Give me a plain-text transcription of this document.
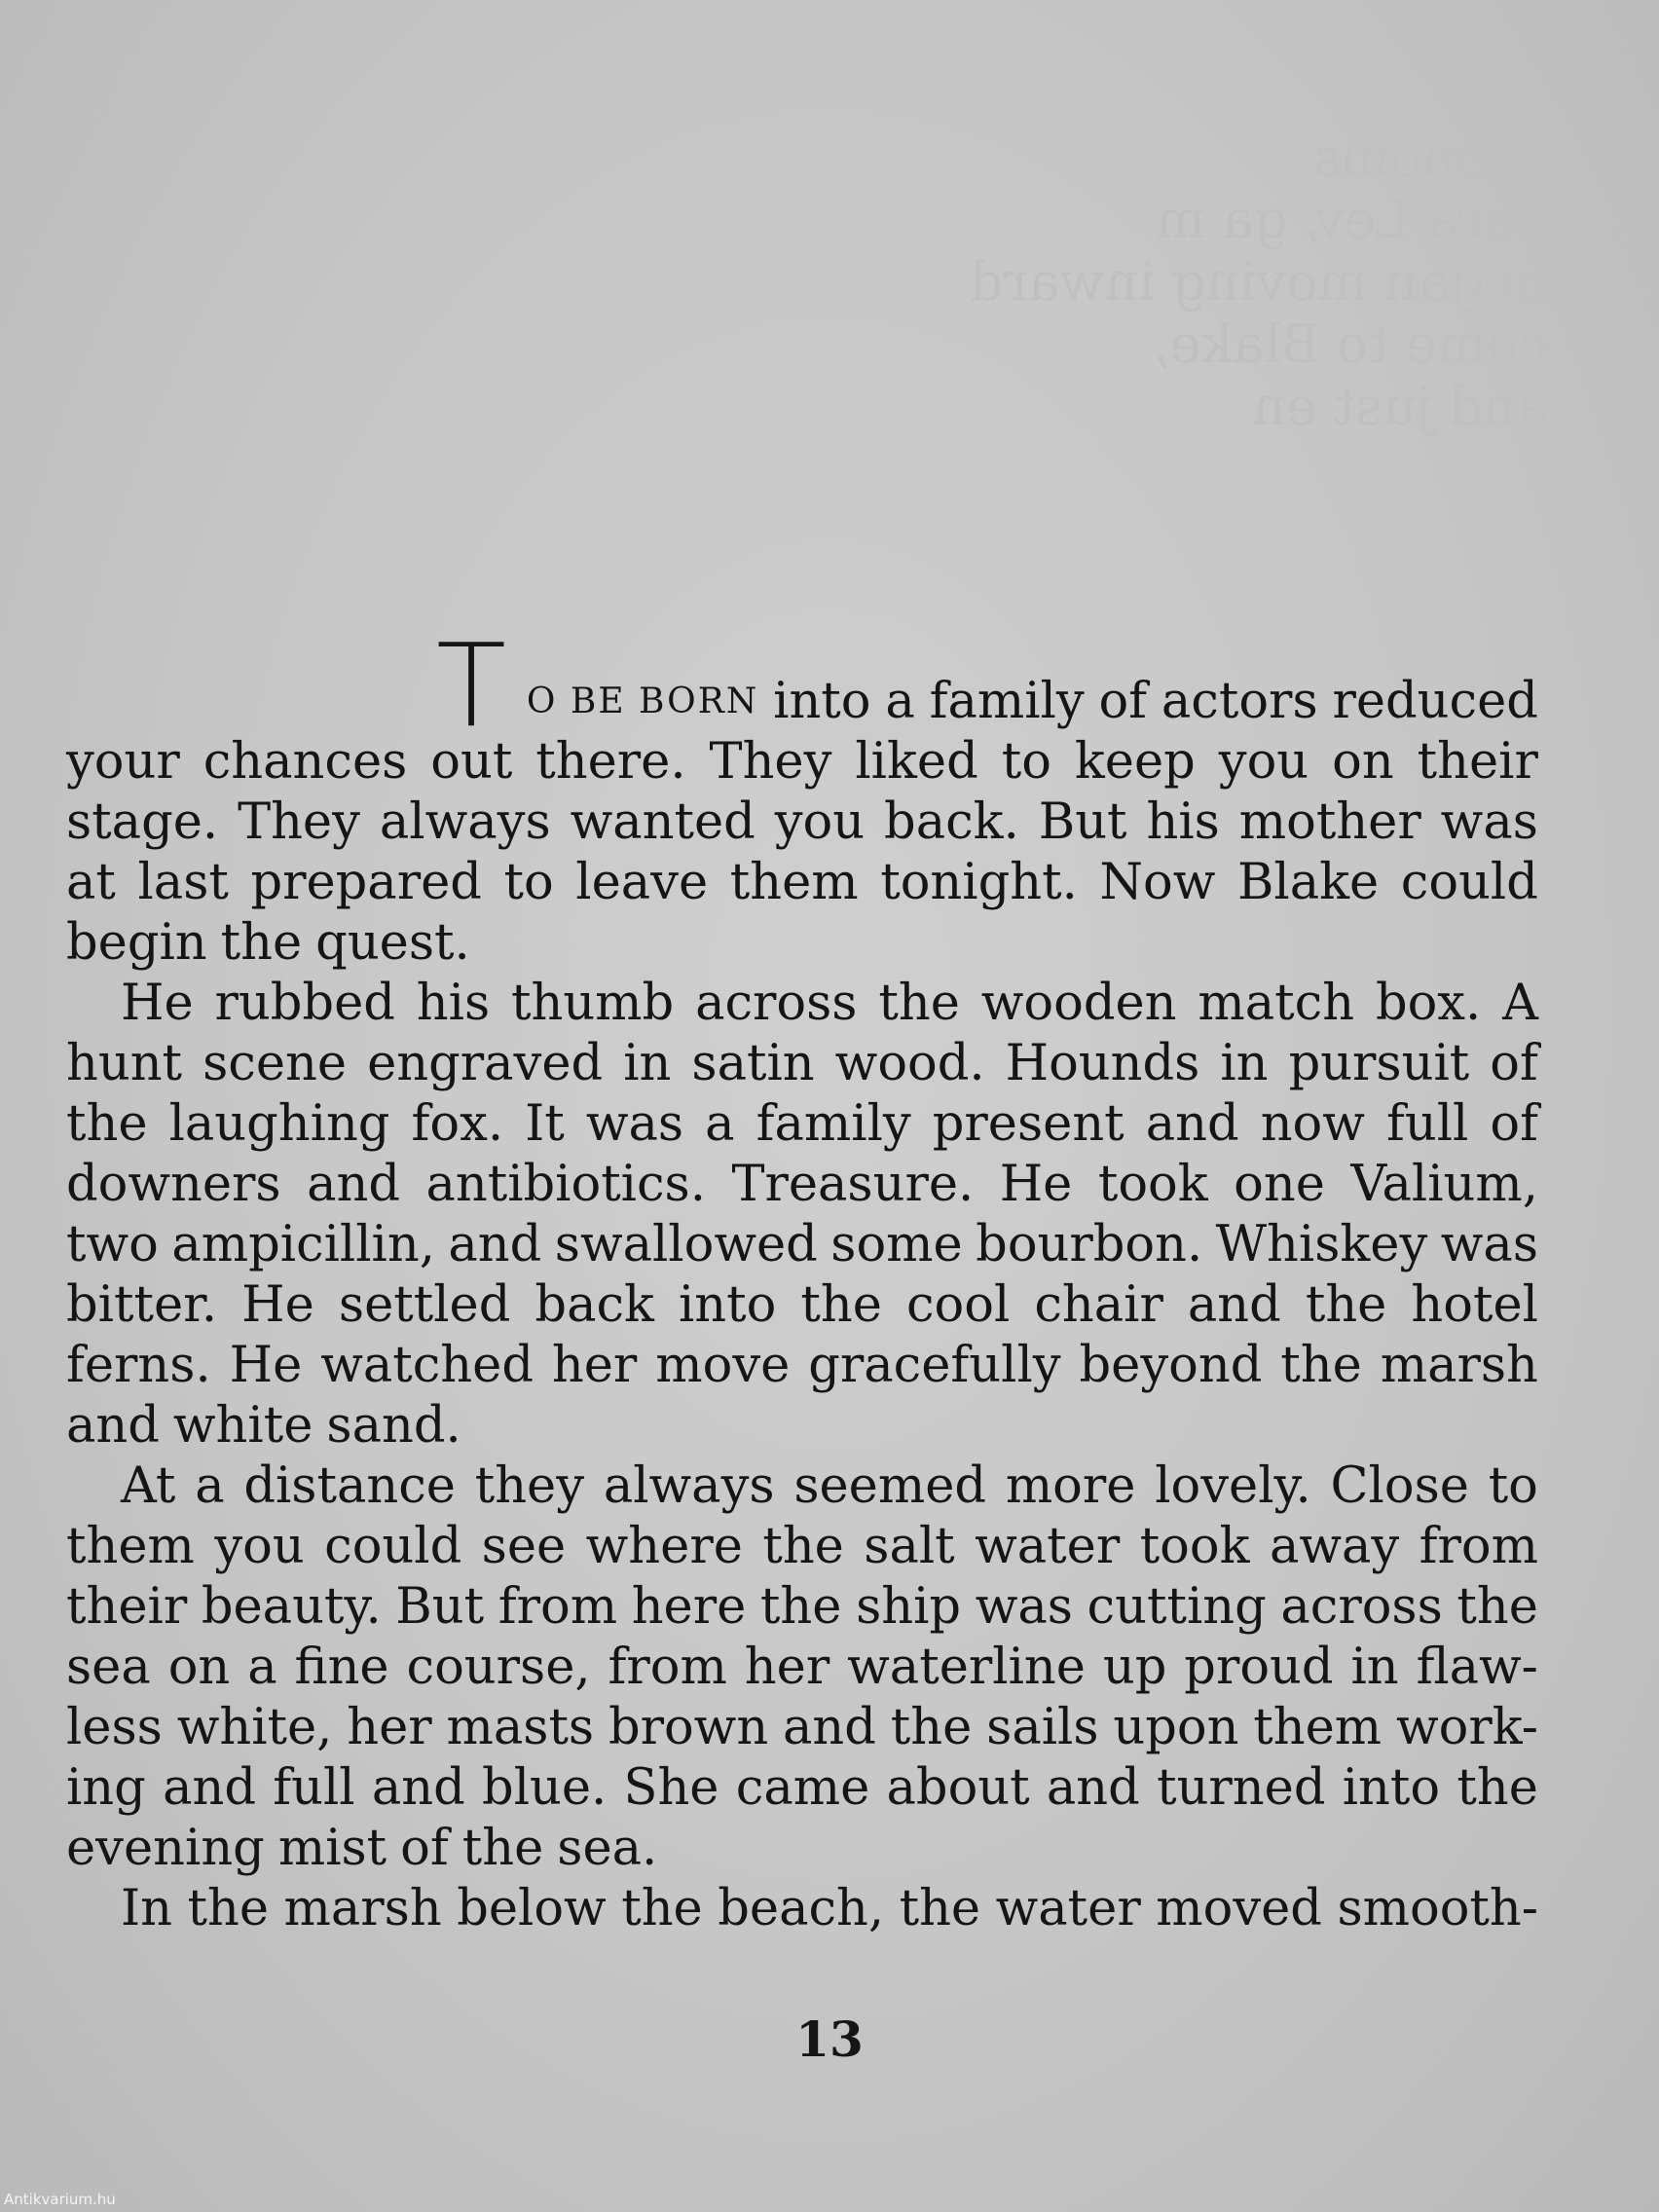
economs
Para Lev, ga m
began moving inward
come to Blake,
and just en
T O BE BORN into a family of actors reduced
your chances out there. They liked to keep you on their
stage. They always wanted you back. But his mother was
at last prepared to leave them tonight. Now Blake could
begin the quest.
He rubbed his thumb across the wooden match box. A
hunt scene engraved in satin wood. Hounds in pursuit of
the laughing fox. It was a family present and now full of
downers and antibiotics. Treasure. He took one Valium,
two ampicillin, and swallowed some bourbon. Whiskey was
bitter. He settled back into the cool chair and the hotel
ferns. He watched her move gracefully beyond the marsh
and white sand.
At a distance they always seemed more lovely. Close to
them you could see where the salt water took away from
their beauty. But from here the ship was cutting across the
sea on a fine course, from her waterline up proud in flaw-
less white, her masts brown and the sails upon them work-
ing and full and blue. She came about and turned into the
evening mist of the sea.
In the marsh below the beach, the water moved smooth-
13
Antikvarium.hu
